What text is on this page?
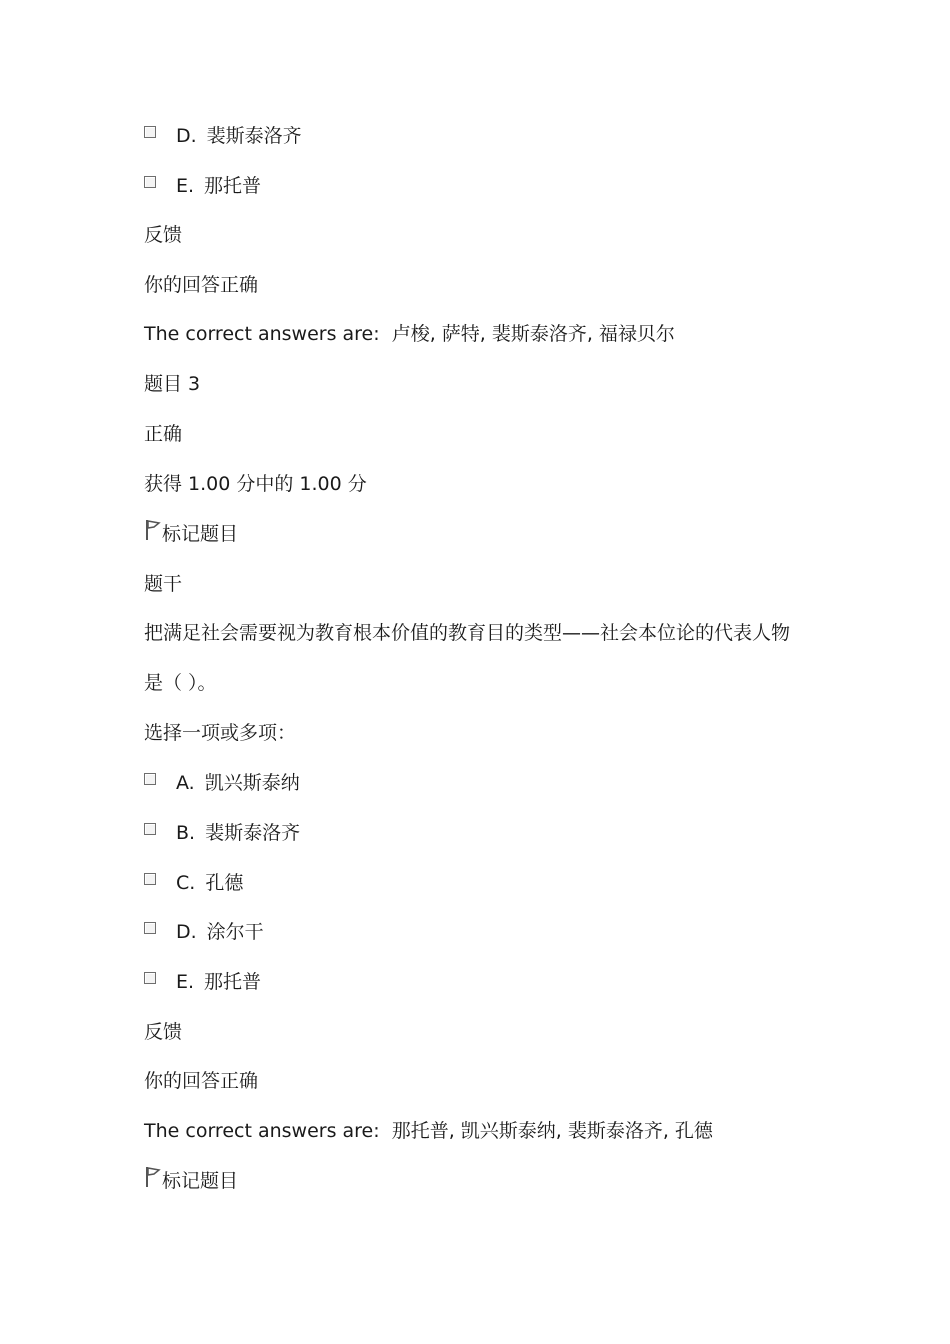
D. 裴斯泰洛齐
E. 那托普
反馈
你的回答正确
The correct answers are: 卢梭, 萨特, 裴斯泰洛齐, 福禄贝尔
题目 3
正确
获得 1.00 分中的 1.00 分
标记题目
题干
把满足社会需要视为教育根本价值的教育目的类型——社会本位论的代表人物
是（ ）。
选择一项或多项：
A. 凯兴斯泰纳
B. 裴斯泰洛齐
C. 孔德
D. 涂尔干
E. 那托普
反馈
你的回答正确
The correct answers are: 那托普, 凯兴斯泰纳, 裴斯泰洛齐, 孔德
标记题目
